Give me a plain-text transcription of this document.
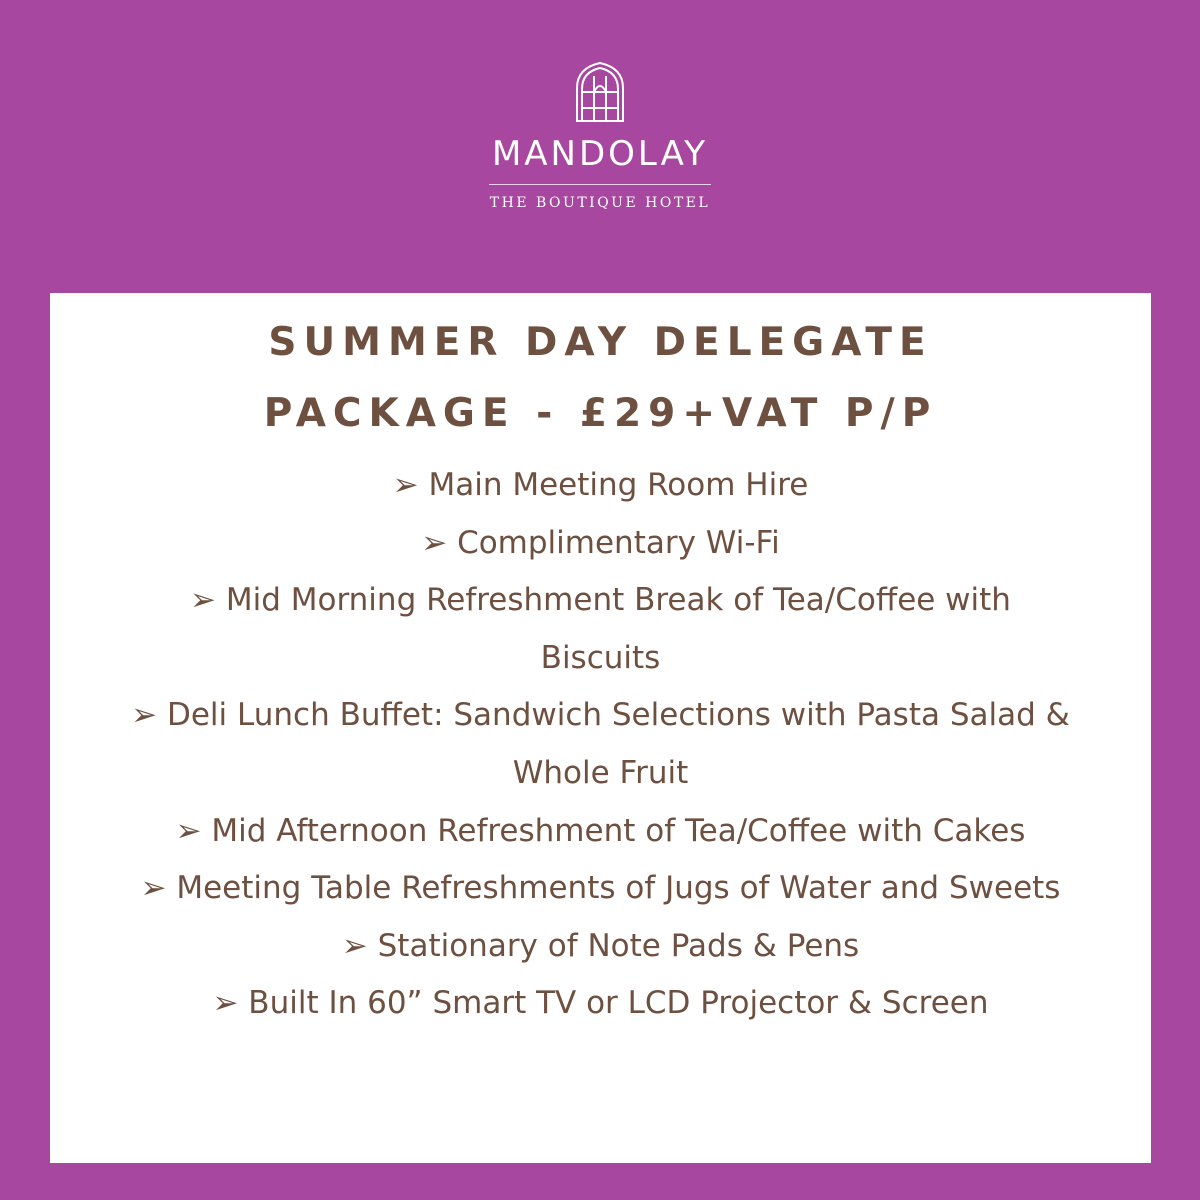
MANDOLAY
THE BOUTIQUE HOTEL
SUMMER DAY DELEGATE
PACKAGE - £29+VAT P/P
➢ Main Meeting Room Hire
➢ Complimentary Wi-Fi
➢ Mid Morning Refreshment Break of Tea/Coffee with Biscuits
➢ Deli Lunch Buffet: Sandwich Selections with Pasta Salad & Whole Fruit
➢ Mid Afternoon Refreshment of Tea/Coffee with Cakes
➢ Meeting Table Refreshments of Jugs of Water and Sweets
➢ Stationary of Note Pads & Pens
➢ Built In 60” Smart TV or LCD Projector & Screen
